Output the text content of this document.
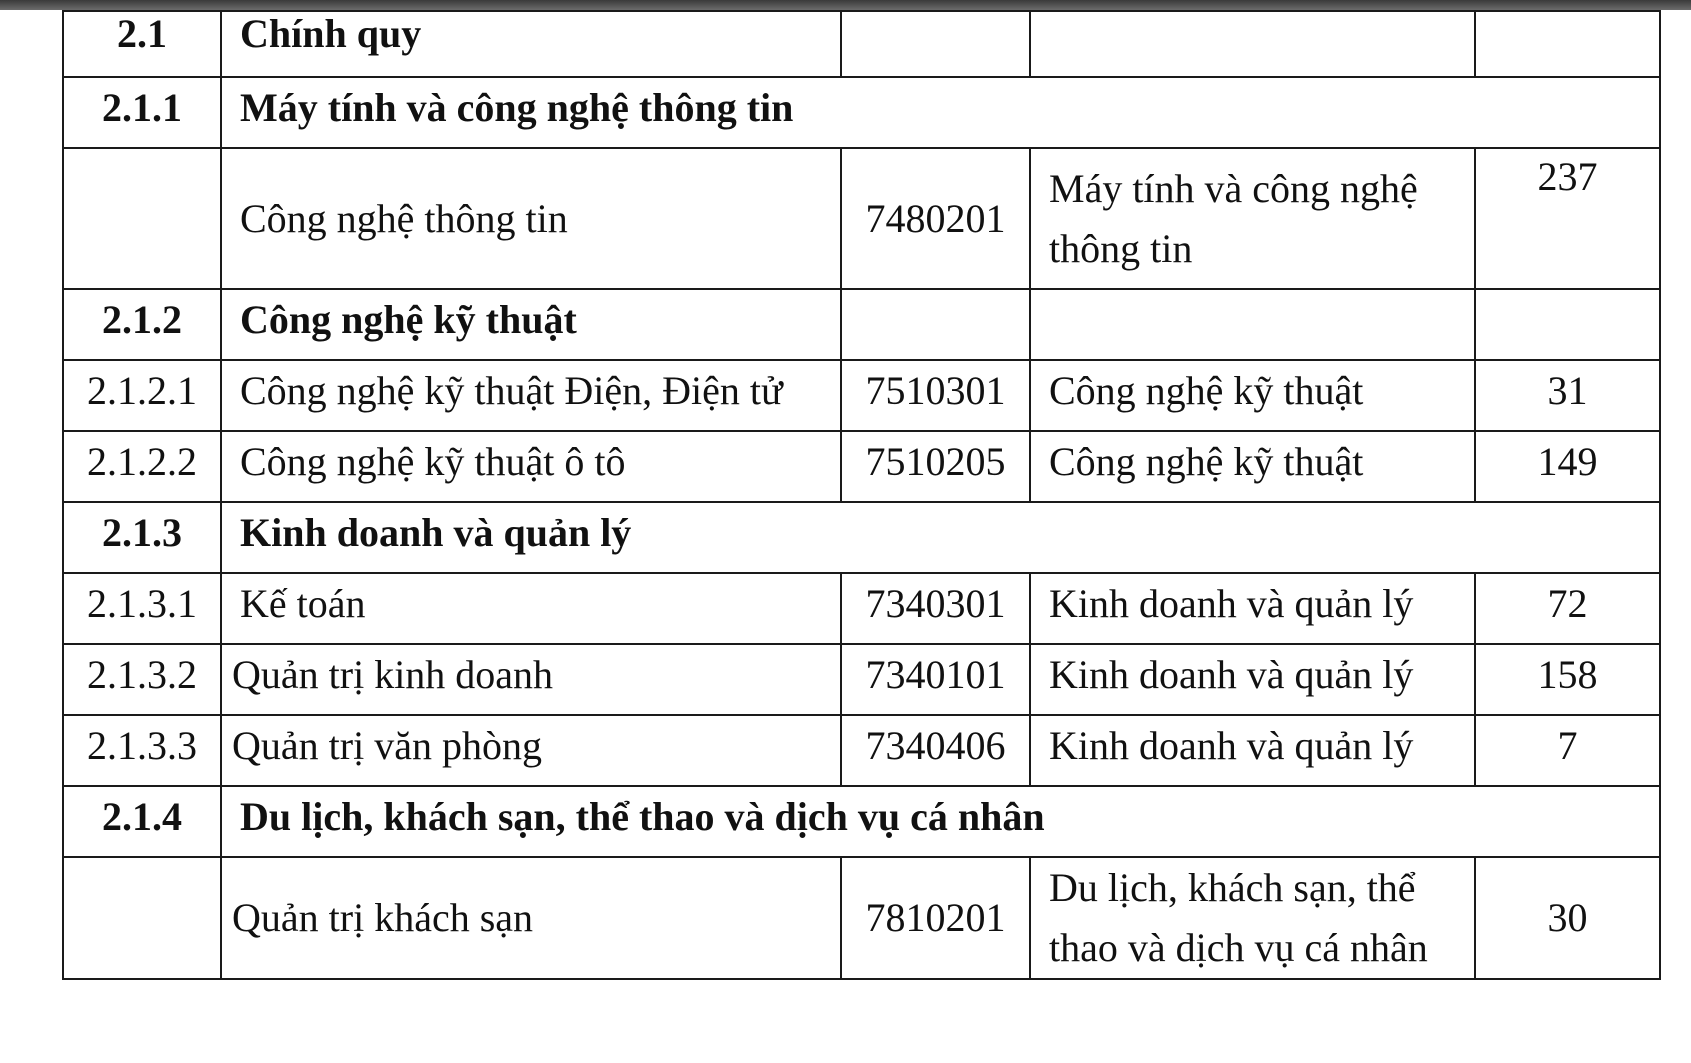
2.1	Chính quy			
2.1.1	Máy tính và công nghệ thông tin			
	Công nghệ thông tin	7480201	Máy tính và công nghệ thông tin	237
2.1.2	Công nghệ kỹ thuật			
2.1.2.1	Công nghệ kỹ thuật Điện, Điện tử	7510301	Công nghệ kỹ thuật	31
2.1.2.2	Công nghệ kỹ thuật ô tô	7510205	Công nghệ kỹ thuật	149
2.1.3	Kinh doanh và quản lý			
2.1.3.1	Kế toán	7340301	Kinh doanh và quản lý	72
2.1.3.2	Quản trị kinh doanh	7340101	Kinh doanh và quản lý	158
2.1.3.3	Quản trị văn phòng	7340406	Kinh doanh và quản lý	7
2.1.4	Du lịch, khách sạn, thể thao và dịch vụ cá nhân			
	Quản trị khách sạn	7810201	Du lịch, khách sạn, thể thao và dịch vụ cá nhân	30
